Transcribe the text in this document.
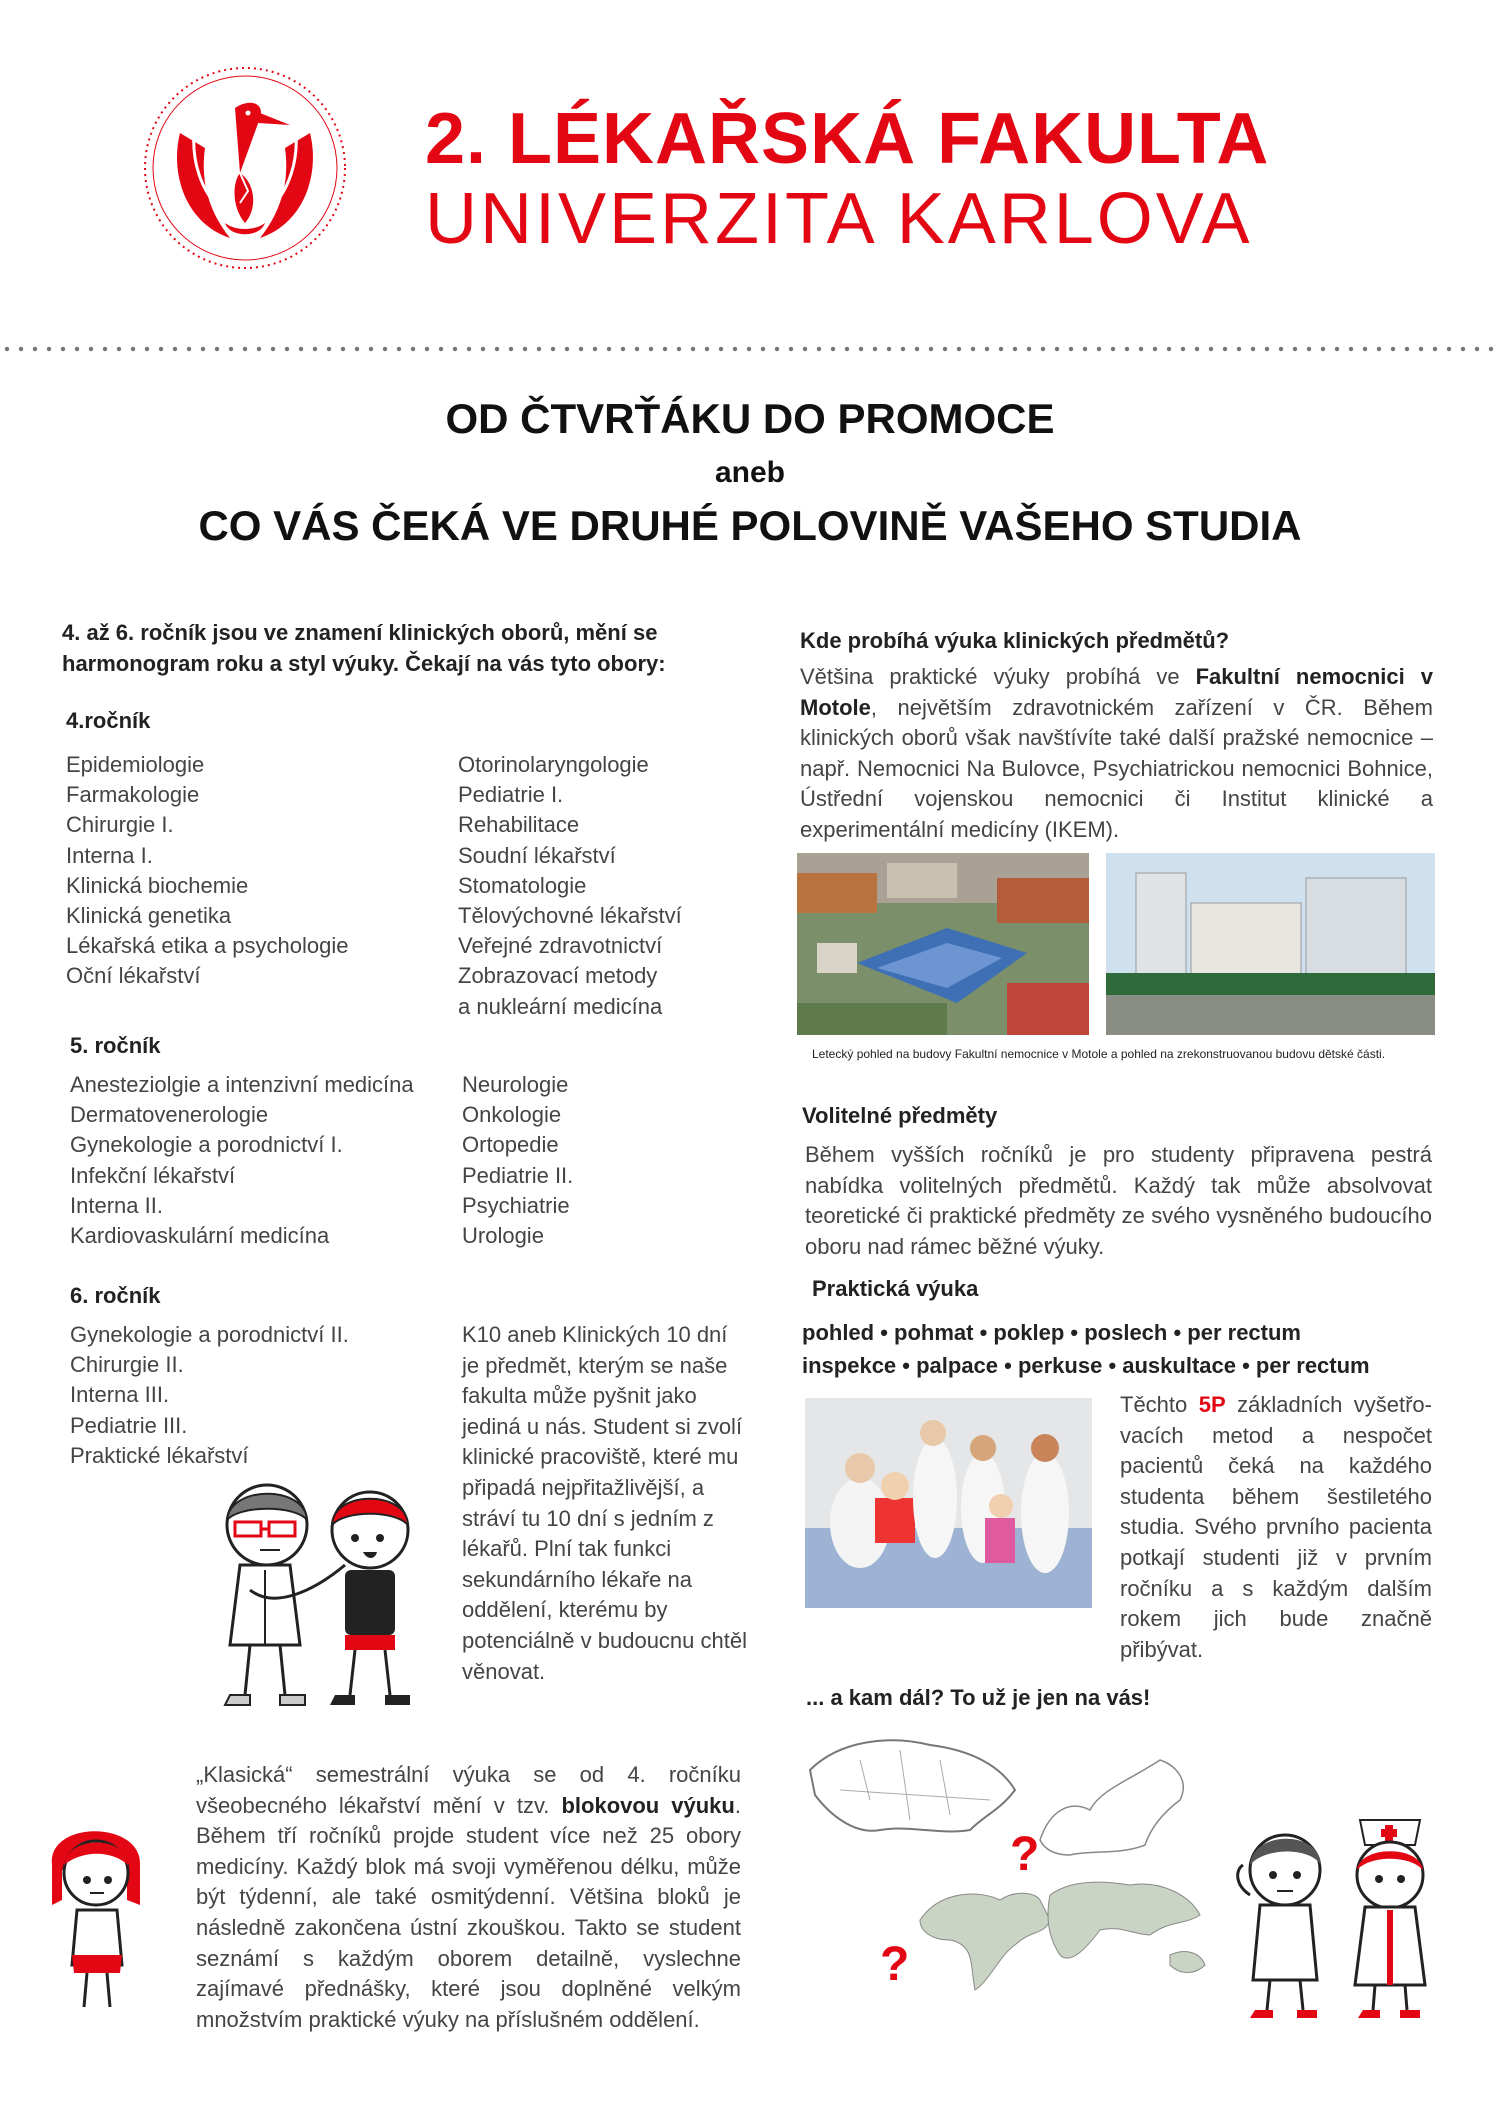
2. LÉKAŘSKÁ FAKULTA
UNIVERZITA KARLOVA
OD ČTVRŤÁKU DO PROMOCE
aneb
CO VÁS ČEKÁ VE DRUHÉ POLOVINĚ VAŠEHO STUDIA
4. až 6. ročník jsou ve znamení klinických oborů, mění se harmonogram roku a styl výuky. Čekají na vás tyto obory:
4.ročník
Epidemiologie
Farmakologie
Chirurgie I.
Interna I.
Klinická biochemie
Klinická genetika
Lékařská etika a psychologie
Oční lékařství
Otorinolaryngologie
Pediatrie I.
Rehabilitace
Soudní lékařství
Stomatologie
Tělovýchovné lékařství
Veřejné zdravotnictví
Zobrazovací metody
a nukleární medicína
5. ročník
Anesteziolgie a intenzivní medicína
Dermatovenerologie
Gynekologie a porodnictví I.
Infekční lékařství
Interna II.
Kardiovaskulární medicína
Neurologie
Onkologie
Ortopedie
Pediatrie II.
Psychiatrie
Urologie
6. ročník
Gynekologie a porodnictví II.
Chirurgie II.
Interna III.
Pediatrie III.
Praktické lékařství
K10 aneb Klinických 10 dní je předmět, kterým se naše fakulta může pyšnit jako jediná u nás. Student si zvolí klinické pracoviště, které mu připadá nejpřitažlivější, a stráví tu 10 dní s jedním z lékařů. Plní tak funkci sekundárního lékaře na oddělení, kterému by potenciálně v budoucnu chtěl věnovat.
„Klasická“ semestrální výuka se od 4. ročníku všeobecného lékařství mění v tzv. blokovou výuku. Během tří ročníků projde student více než 25 obory medicíny. Každý blok má svoji vyměřenou délku, může být týdenní, ale také osmitýdenní. Většina bloků je následně zakončena ústní zkouškou. Takto se student seznámí s každým oborem detailně, vyslechne zajímavé přednášky, které jsou doplněné velkým množstvím praktické výuky na příslušném oddělení.
Kde probíhá výuka klinických předmětů?
Většina praktické výuky probíhá ve Fakultní nemocnici v Motole, největším zdravotnickém zařízení v ČR. Během klinických oborů však navštívíte také další pražské nemocnice – např. Nemocnici Na Bulovce, Psychiatrickou nemocnici Bohnice, Ústřední vojenskou nemocnici či Institut klinické a experimentální medicíny (IKEM).
Letecký pohled na budovy Fakultní nemocnice v Motole a pohled na zrekonstruovanou budovu dětské části.
Volitelné předměty
Během vyšších ročníků je pro studenty připravena pestrá nabídka volitelných předmětů. Každý tak může absolvovat teoretické či praktické předměty ze svého vysněného budoucího oboru nad rámec běžné výuky.
Praktická výuka
pohled • pohmat • poklep • poslech • per rectum
inspekce • palpace • perkuse • auskultace • per rectum
Těchto 5P základních vyšetřo-vacích metod a nespočet pacientů čeká na každého studenta během šestiletého studia. Svého prvního pacienta potkají studenti již v prvním ročníku a s každým dalším rokem jich bude značně přibývat.
... a kam dál? To už je jen na vás!
?
?
